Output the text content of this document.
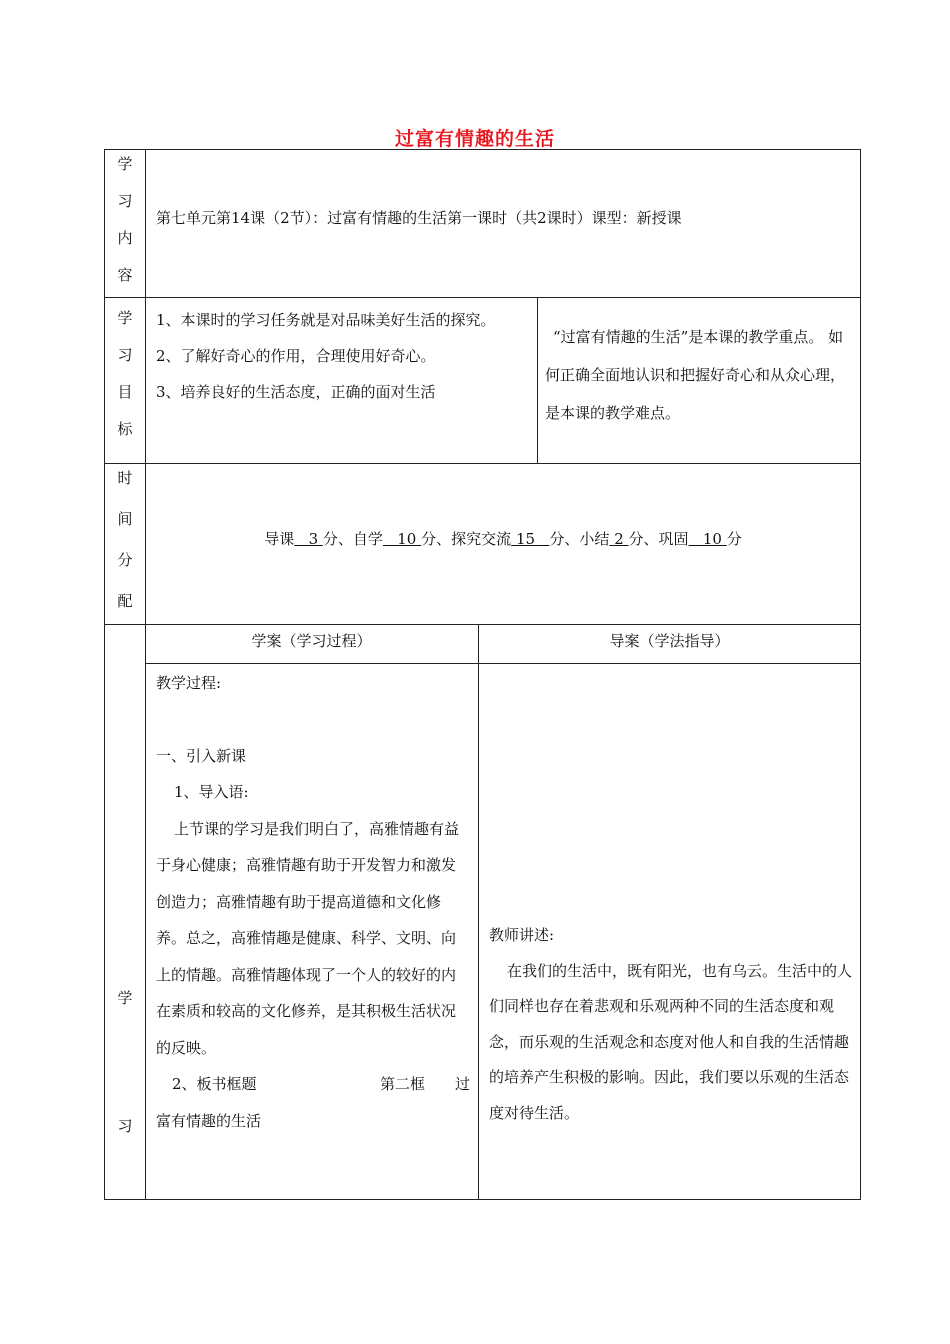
过富有情趣的生活
学
习
内
容
第七单元第14课（2节）：过富有情趣的生活第一课时（共2课时）课型：新授课
学
习
目
标
1、本课时的学习任务就是对品味美好生活的探究。
2、了解好奇心的作用，合理使用好奇心。
3、培养良好的生活态度，正确的面对生活
“过富有情趣的生活”是本课的教学重点。 如何正确全面地认识和把握好奇心和从众心理，是本课的教学难点。
时
间
分
配
导课 3 分、自学 10 分、探究交流 15 分、小结 2 分、巩固 10 分
学
习
学案（学习过程）	导案（学法指导）
教学过程:
一、引入新课
1、导入语:
上节课的学习是我们明白了，高雅情趣有益于身心健康；高雅情趣有助于开发智力和激发创造力；高雅情趣有助于提高道德和文化修养。总之，高雅情趣是健康、科学、文明、向上的情趣。高雅情趣体现了一个人的较好的内在素质和较高的文化修养，是其积极生活状况的反映。
2、板书框题	第二框　　过
富有情趣的生活
教师讲述:
在我们的生活中，既有阳光，也有乌云。生活中的人们同样也存在着悲观和乐观两种不同的生活态度和观念，而乐观的生活观念和态度对他人和自我的生活情趣的培养产生积极的影响。因此，我们要以乐观的生活态度对待生活。
